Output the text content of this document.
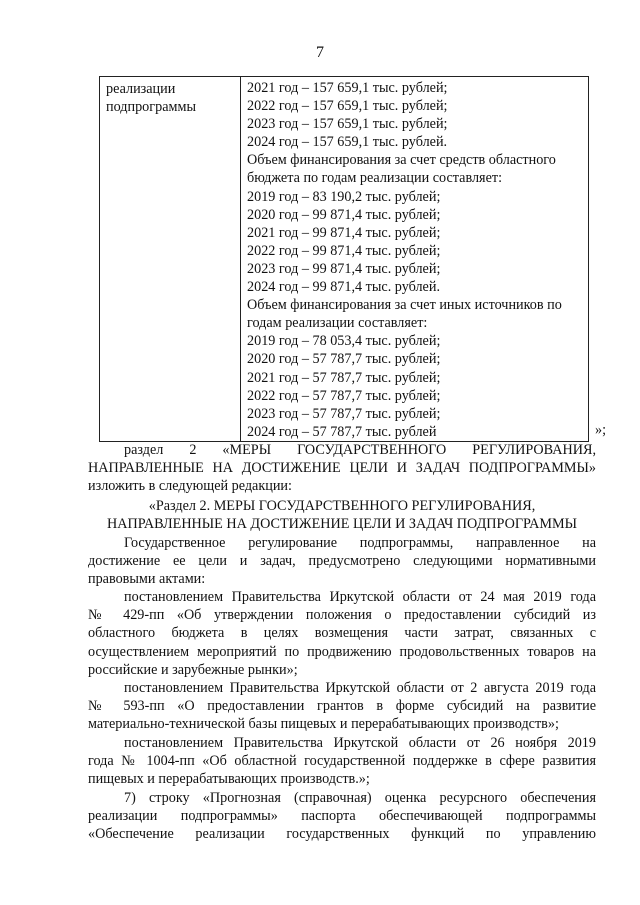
7
реализации
подпрограммы

2021 год – 157 659,1 тыс. рублей;
2022 год – 157 659,1 тыс. рублей;
2023 год – 157 659,1 тыс. рублей;
2024 год – 157 659,1 тыс. рублей.
Объем финансирования за счет средств областного
бюджета по годам реализации составляет:
2019 год – 83 190,2 тыс. рублей;
2020 год – 99 871,4 тыс. рублей;
2021 год – 99 871,4 тыс. рублей;
2022 год – 99 871,4 тыс. рублей;
2023 год – 99 871,4 тыс. рублей;
2024 год – 99 871,4 тыс. рублей.
Объем финансирования за счет иных источников по
годам реализации составляет:
2019 год – 78 053,4 тыс. рублей;
2020 год – 57 787,7 тыс. рублей;
2021 год – 57 787,7 тыс. рублей;
2022 год – 57 787,7 тыс. рублей;
2023 год – 57 787,7 тыс. рублей;
2024 год – 57 787,7 тыс. рублей	»;
раздел 2 «МЕРЫ ГОСУДАРСТВЕННОГО РЕГУЛИРОВАНИЯ,
НАПРАВЛЕННЫЕ НА ДОСТИЖЕНИЕ ЦЕЛИ И ЗАДАЧ ПОДПРОГРАММЫ»
изложить в следующей редакции:
«Раздел 2. МЕРЫ ГОСУДАРСТВЕННОГО РЕГУЛИРОВАНИЯ,
НАПРАВЛЕННЫЕ НА ДОСТИЖЕНИЕ ЦЕЛИ И ЗАДАЧ ПОДПРОГРАММЫ
Государственное регулирование подпрограммы, направленное на
достижение ее цели и задач, предусмотрено следующими нормативными
правовыми актами:
постановлением Правительства Иркутской области от 24 мая 2019 года
№ 429-пп «Об утверждении положения о предоставлении субсидий из
областного бюджета в целях возмещения части затрат, связанных с
осуществлением мероприятий по продвижению продовольственных товаров на
российские и зарубежные рынки»;
постановлением Правительства Иркутской области от 2 августа 2019 года
№ 593-пп «О предоставлении грантов в форме субсидий на развитие
материально-технической базы пищевых и перерабатывающих производств»;
постановлением Правительства Иркутской области от 26 ноября 2019
года № 1004-пп «Об областной государственной поддержке в сфере развития
пищевых и перерабатывающих производств.»;
7) строку «Прогнозная (справочная) оценка ресурсного обеспечения
реализации подпрограммы» паспорта обеспечивающей подпрограммы
«Обеспечение реализации государственных функций по управлению
